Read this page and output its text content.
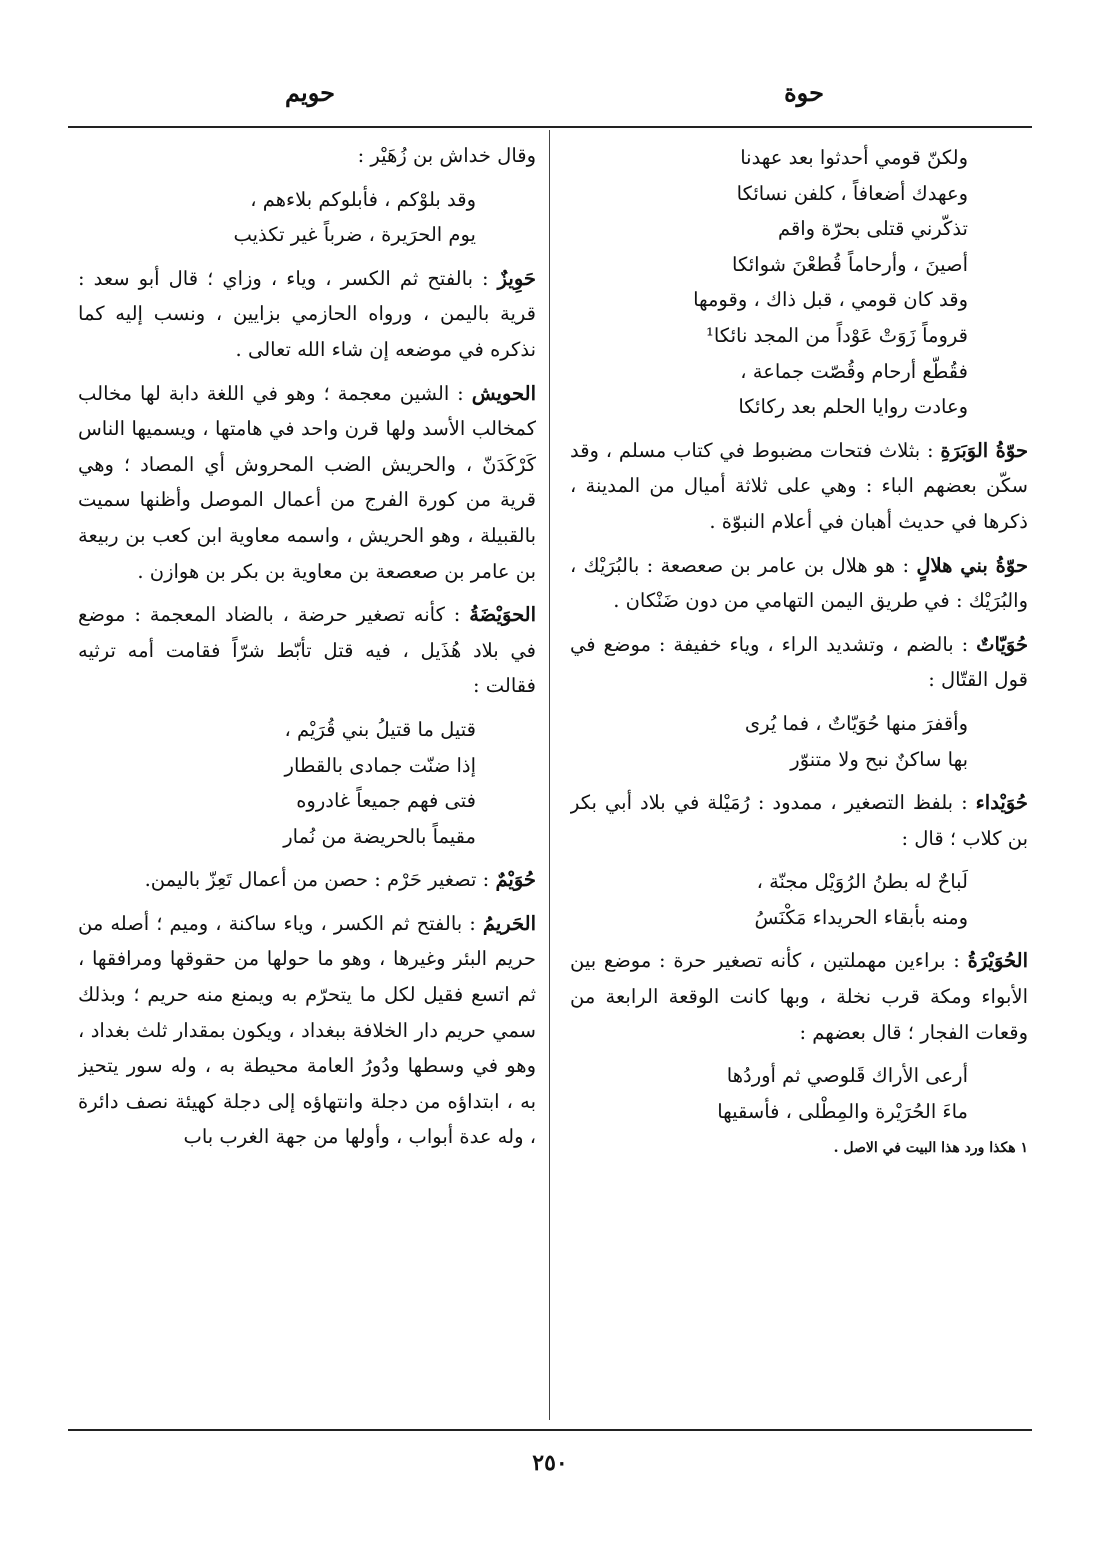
حوة
حويم
ولكنّ قومي أحدثوا بعد عهدنا
وعهدك أضعافاً ، كلفن نسائكا
تذكّرني قتلى بحرّة واقم
أصينَ ، وأرحاماً قُطعْنَ شوائكا
وقد كان قومي ، قبل ذاك ، وقومها
قروماً زَوَتْ عَوْداً من المجد نائكا¹
فقُطّع أرحام وقُصّت جماعة ،
وعادت روايا الحلم بعد ركائكا

حوّةُ الوَبَرَةِ : بثلاث فتحات مضبوط في كتاب مسلم ، وقد سكّن بعضهم الباء : وهي على ثلاثة أميال من المدينة ، ذكرها في حديث أهبان في أعلام النبوّة .

حوّةُ بني هلالٍ : هو هلال بن عامر بن صعصعة : بالبُرَيْك ، والبُرَيْك : في طريق اليمن التهامي من دون ضَنْكان .

حُوَيّاتٌ : بالضم ، وتشديد الراء ، وياء خفيفة : موضع في قول القتّال :

وأقفرَ منها حُوَيّاتٌ ، فما يُرى
بها ساكنٌ نبح ولا متنوّر

حُوَيْداء : بلفظ التصغير ، ممدود : رُمَيْلة في بلاد أبي بكر بن كلاب ؛ قال :

لَباحٌ له بطنُ الرُوَيْل مجنّة ،
ومنه بأبقاء الحريداء مَكْنَسُ

الحُوَيْرَةُ : براءين مهملتين ، كأنه تصغير حرة : موضع بين الأبواء ومكة قرب نخلة ، وبها كانت الوقعة الرابعة من وقعات الفجار ؛ قال بعضهم :

أرعى الأراك قَلوصي ثم أوردُها
ماءَ الحُرَيْرة والمِطْلى ، فأسقيها
١ هكذا ورد هذا البيت في الاصل .

وقال خداش بن زُهَيْر :

وقد بلوْكم ، فأبلوكم بلاءهم ،
يوم الحرَيرة ، ضرباً غير تكذيب

حَوِيزٌ : بالفتح ثم الكسر ، وياء ، وزاي ؛ قال أبو سعد : قرية باليمن ، ورواه الحازمي بزايين ، ونسب إليه كما نذكره في موضعه إن شاء الله تعالى .

الحويش : الشين معجمة ؛ وهو في اللغة دابة لها مخالب كمخالب الأسد ولها قرن واحد في هامتها ، ويسميها الناس كَرْكَدَنّ ، والحريش الضب المحروش أي المصاد ؛ وهي قرية من كورة الفرج من أعمال الموصل وأظنها سميت بالقبيلة ، وهو الحريش ، واسمه معاوية ابن كعب بن ربيعة بن عامر بن صعصعة بن معاوية بن بكر بن هوازن .

الحوَيْضَةُ : كأنه تصغير حرضة ، بالضاد المعجمة : موضع في بلاد هُذَيل ، فيه قتل تأبّط شرّاً فقامت أمه ترثيه فقالت :

قتيل ما قتيلُ بني قُرَيْم ،
إذا ضنّت جمادى بالقطار
فتى فهم جميعاً غادروه
مقيماً بالحريضة من نُمار

حُوَيْمٌ : تصغير حَرْم : حصن من أعمال تَعِزّ باليمن.

الحَريمُ : بالفتح ثم الكسر ، وياء ساكنة ، وميم ؛ أصله من حريم البئر وغيرها ، وهو ما حولها من حقوقها ومرافقها ، ثم اتسع فقيل لكل ما يتحرّم به ويمنع منه حريم ؛ وبذلك سمي حريم دار الخلافة ببغداد ، ويكون بمقدار ثلث بغداد ، وهو في وسطها ودُورُ العامة محيطة به ، وله سور يتحيز به ، ابتداؤه من دجلة وانتهاؤه إلى دجلة كهيئة نصف دائرة ، وله عدة أبواب ، وأولها من جهة الغرب باب

٢٥٠
